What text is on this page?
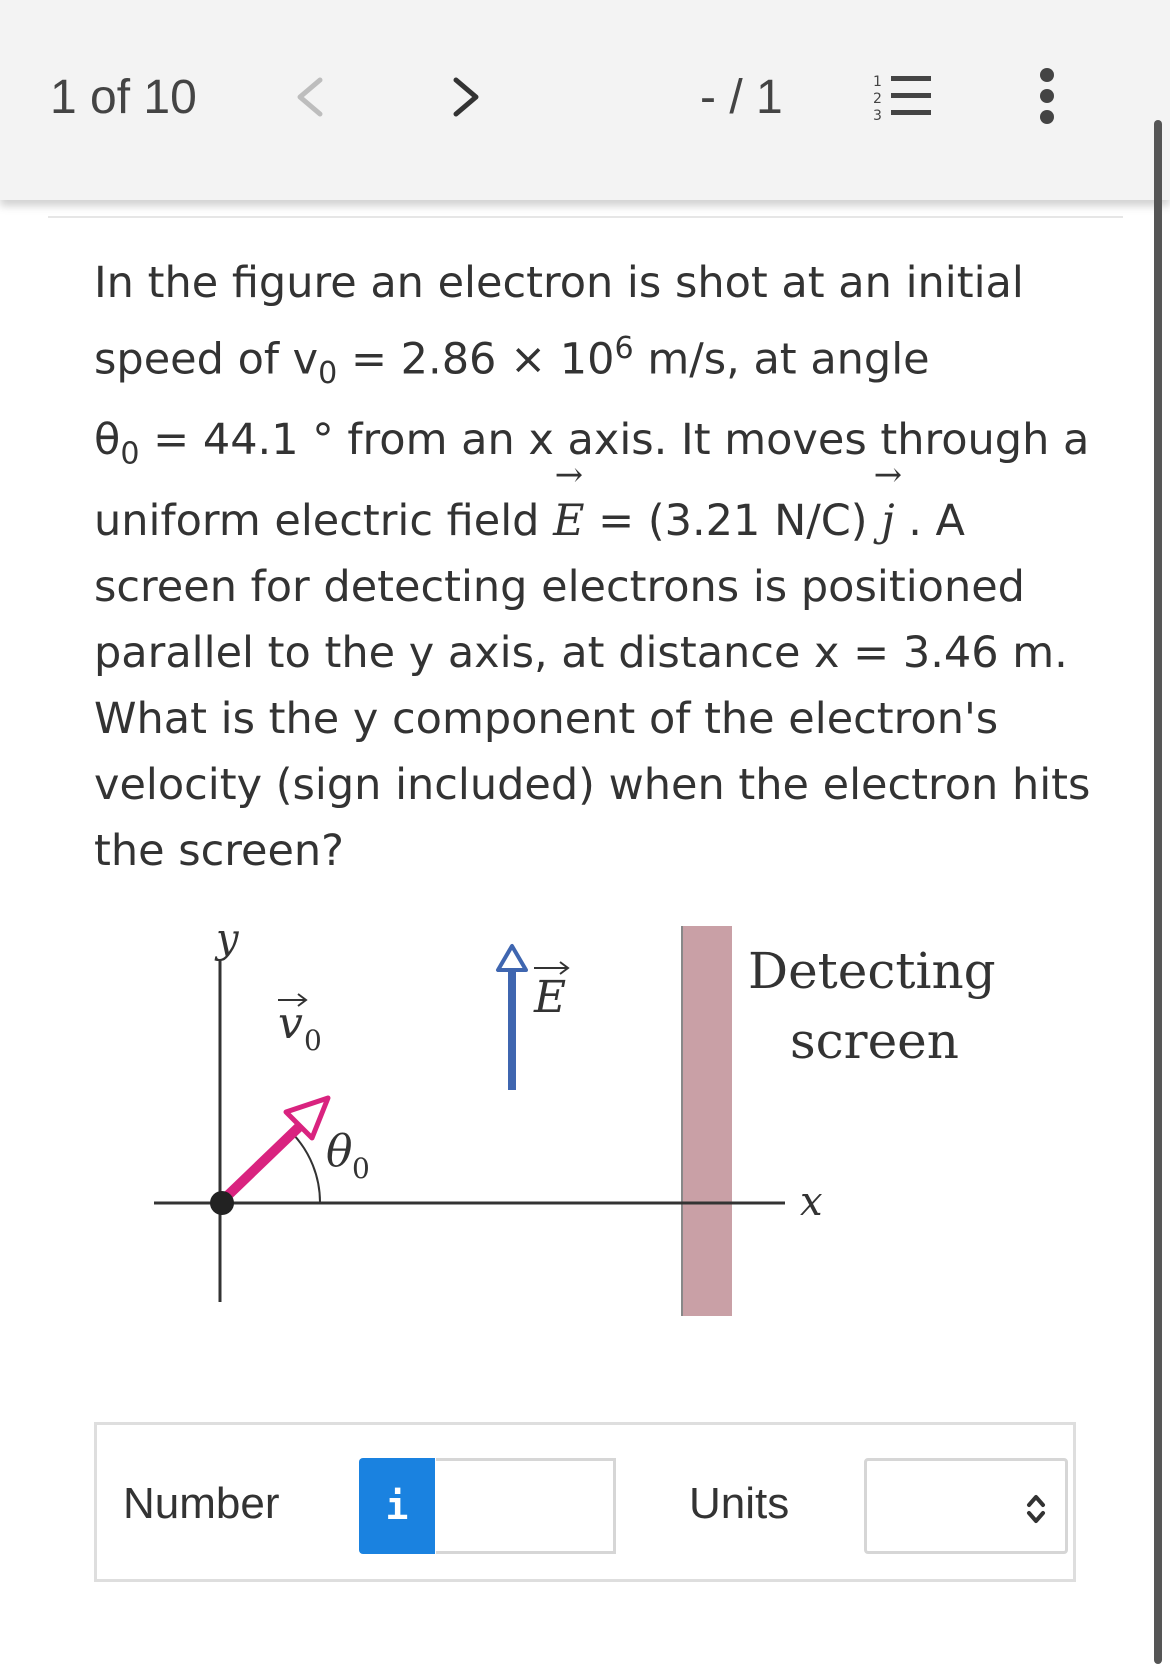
1 of 10	- / 1	1
2
3
In the figure an electron is shot at an initial
speed of $v_0 = 2.86 \times 10^6$ m/s, at angle
$\theta_0 = 44.1$ ° from an x axis. It moves through a
uniform electric field
→
E = (3.21 N/C)
→
j . A
screen for detecting electrons is positioned
parallel to the y axis, at distance x = 3.46 m.
What is the y component of the electron's
velocity (sign included) when the electron hits
the screen?
y
x
v 0
θ 0
E	Detecting
screen
Number	i	Units
